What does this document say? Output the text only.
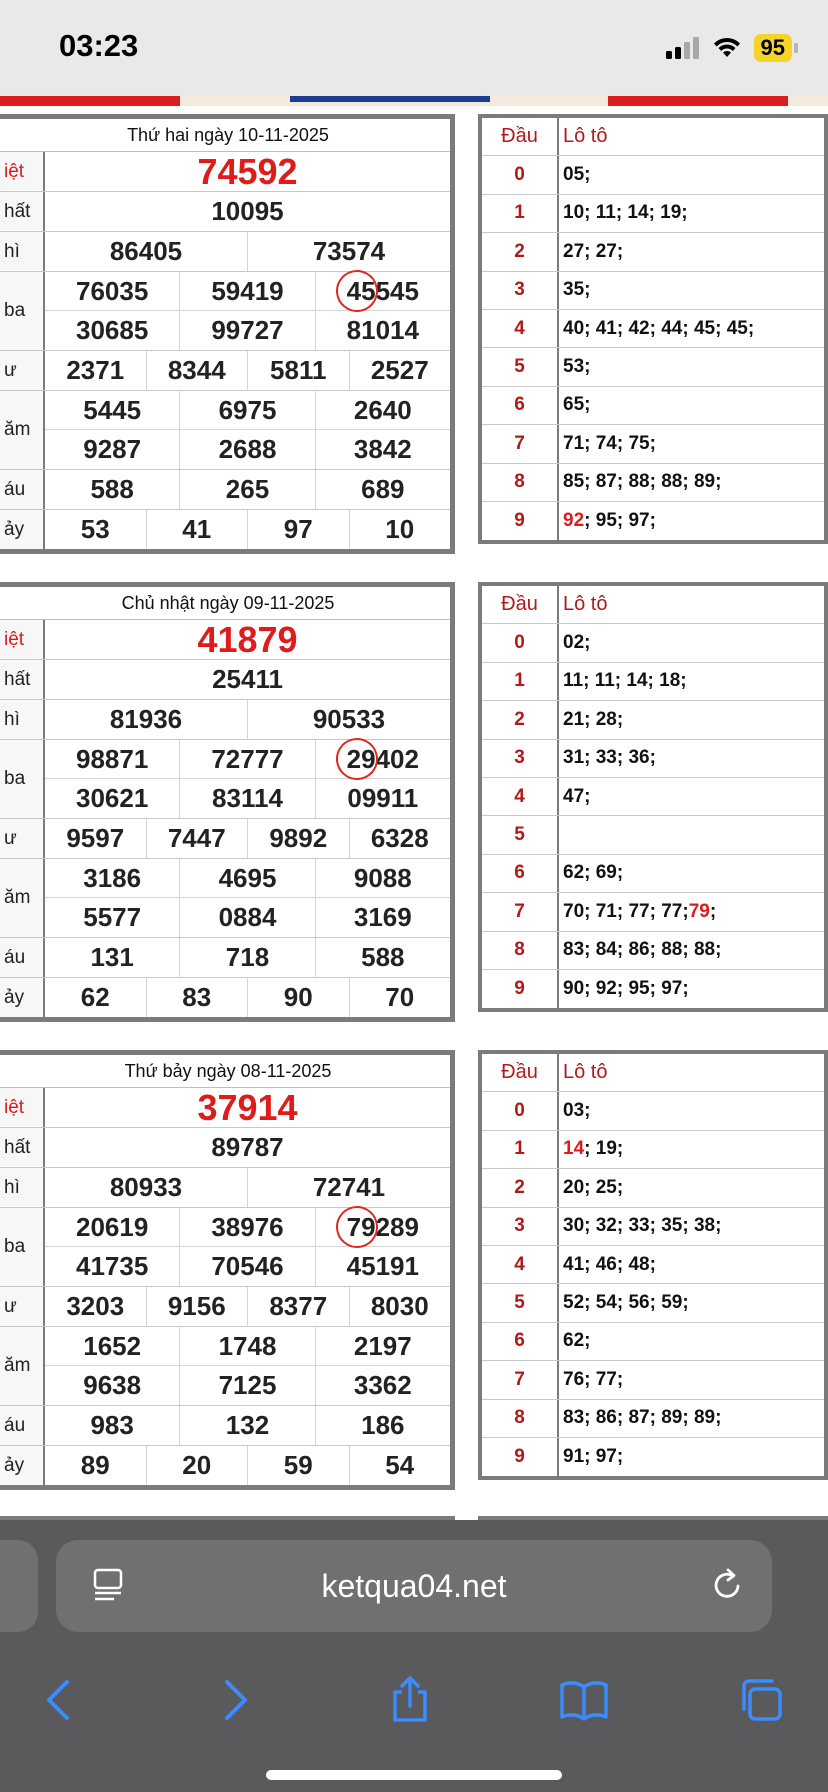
03:23	95
Thứ hai ngày 10-11-2025
iệt	74592
hất	10095
hì	86405	73574
ba
76035 59419 45545
30685 99727 81014
ư	2371 8344 5811 2527
ăm
5445	6975	2640
9287	2688	3842
áu	588	265	689
ảy	53	41	97	10
Đầu	Lô tô
0	05;
1	10; 11; 14; 19;
2	27; 27;
3	35;
4	40; 41; 42; 44; 45; 45;
5	53;
6	65;
7	71; 74; 75;
8	85; 87; 88; 88; 89;
9	92 ; 95; 97;
Chủ nhật ngày 09-11-2025
iệt	41879
hất	25411
hì	81936	90533
ba
98871 72777 29402
30621 83114 09911
ư	9597 7447 9892 6328
ăm
3186	4695	9088
5577	0884	3169
áu	131	718	588
ảy	62	83	90	70
Đầu	Lô tô
0	02;
1	11; 11; 14; 18;
2	21; 28;
3	31; 33; 36;
4	47;
5
6	62; 69;
7	70; 71; 77; 77; 79 ;
8	83; 84; 86; 88; 88;
9	90; 92; 95; 97;
Thứ bảy ngày 08-11-2025
iệt	37914
hất	89787
hì	80933	72741
ba
20619 38976 79289
41735 70546 45191
ư	3203 9156 8377 8030
ăm
1652	1748	2197
9638	7125	3362
áu	983	132	186
ảy	89	20	59	54
Đầu	Lô tô
0	03;
1	14 ; 19;
2	20; 25;
3	30; 32; 33; 35; 38;
4	41; 46; 48;
5	52; 54; 56; 59;
6	62;
7	76; 77;
8	83; 86; 87; 89; 89;
9	91; 97;
ketqua04.net
